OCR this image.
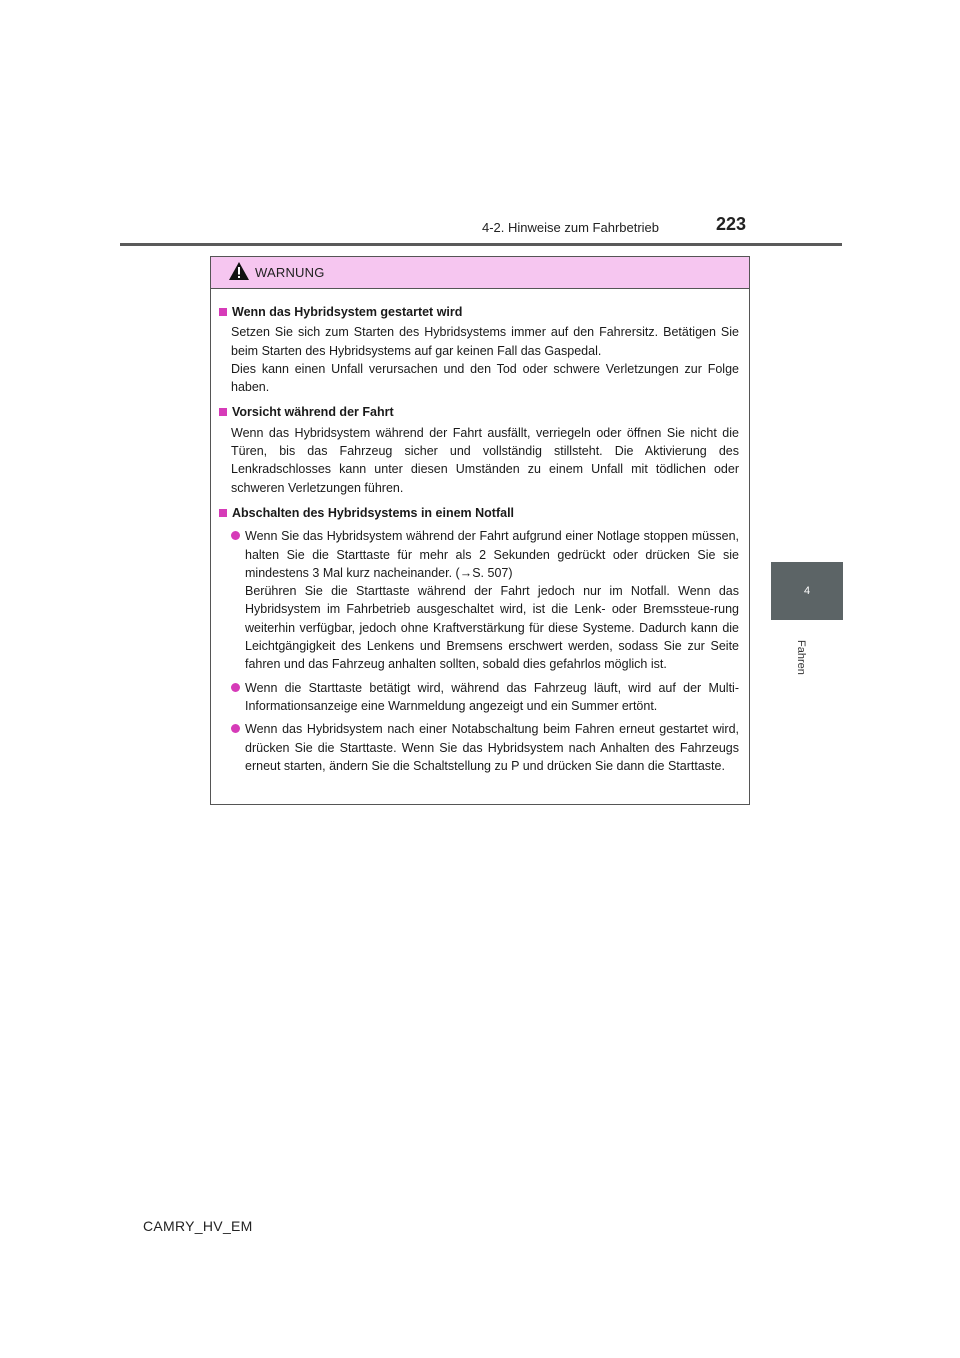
4-2. Hinweise zum Fahrbetrieb	223
4
Fahren
WARNUNG
Wenn das Hybridsystem gestartet wird
Setzen Sie sich zum Starten des Hybridsystems immer auf den Fahrersitz. Betätigen Sie beim Starten des Hybridsystems auf gar keinen Fall das Gaspedal.
Dies kann einen Unfall verursachen und den Tod oder schwere Verletzungen zur Folge haben.
Vorsicht während der Fahrt
Wenn das Hybridsystem während der Fahrt ausfällt, verriegeln oder öffnen Sie nicht die Türen, bis das Fahrzeug sicher und vollständig stillsteht. Die Aktivierung des Lenkradschlosses kann unter diesen Umständen zu einem Unfall mit tödlichen oder schweren Verletzungen führen.
Abschalten des Hybridsystems in einem Notfall
Wenn Sie das Hybridsystem während der Fahrt aufgrund einer Notlage stoppen müssen, halten Sie die Starttaste für mehr als 2 Sekunden gedrückt oder drücken Sie sie mindestens 3 Mal kurz nacheinander. (→S. 507)
Berühren Sie die Starttaste während der Fahrt jedoch nur im Notfall. Wenn das Hybridsystem im Fahrbetrieb ausgeschaltet wird, ist die Lenk- oder Bremssteue-rung weiterhin verfügbar, jedoch ohne Kraftverstärkung für diese Systeme. Dadurch kann die Leichtgängigkeit des Lenkens und Bremsens erschwert werden, sodass Sie zur Seite fahren und das Fahrzeug anhalten sollten, sobald dies gefahrlos möglich ist.
Wenn die Starttaste betätigt wird, während das Fahrzeug läuft, wird auf der Multi-Informationsanzeige eine Warnmeldung angezeigt und ein Summer ertönt.
Wenn das Hybridsystem nach einer Notabschaltung beim Fahren erneut gestartet wird, drücken Sie die Starttaste. Wenn Sie das Hybridsystem nach Anhalten des Fahrzeugs erneut starten, ändern Sie die Schaltstellung zu P und drücken Sie dann die Starttaste.
CAMRY_HV_EM
